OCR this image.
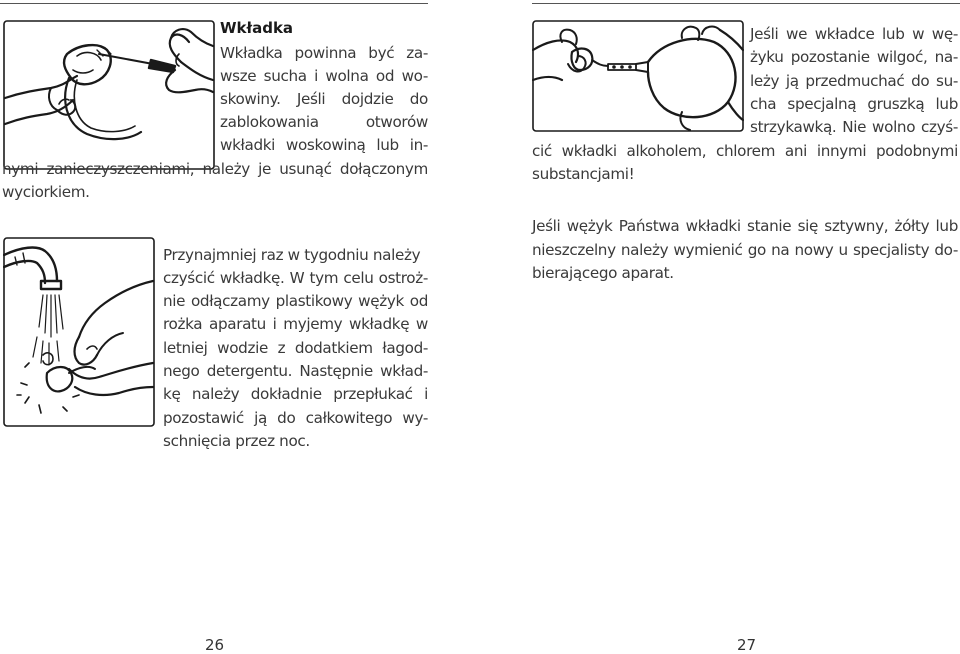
Wkładka
Wkładka powinna być za-
wsze sucha i wolna od wo-
skowiny. Jeśli dojdzie do
zablokowania otworów
wkładki woskowiną lub in-
nymi zanieczyszczeniami, należy je usunąć dołączonym
wyciorkiem.
Przynajmniej raz w tygodniu należy
czyścić wkładkę. W tym celu ostroż-
nie odłączamy plastikowy wężyk od
rożka aparatu i myjemy wkładkę w
letniej wodzie z dodatkiem łagod-
nego detergentu. Następnie wkład-
kę należy dokładnie przepłukać i
pozostawić ją do całkowitego wy-
schnięcia przez noc.
26
Jeśli we wkładce lub w wę-
żyku pozostanie wilgoć, na-
leży ją przedmuchać do su-
cha specjalną gruszką lub
strzykawką. Nie wolno czyś-
cić wkładki alkoholem, chlorem ani innymi podobnymi
substancjami!
Jeśli wężyk Państwa wkładki stanie się sztywny, żółty lub
nieszczelny należy wymienić go na nowy u specjalisty do-
bierającego aparat.
27
